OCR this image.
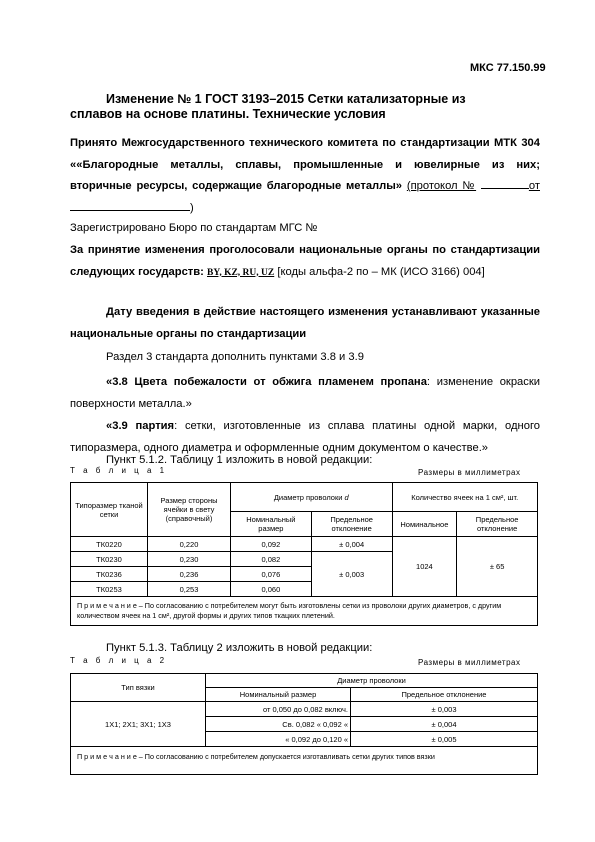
МКС 77.150.99
Изменение № 1 ГОСТ 3193–2015 Сетки катализаторные из сплавов на основе платины. Технические условия
Принято Межгосударственного технического комитета по стандартизации МТК 304 ««Благородные металлы, сплавы, промышленные и ювелирные из них; вторичные ресурсы, содержащие благородные металлы» (протокол №	от)
Зарегистрировано Бюро по стандартам МГС №
За принятие изменения проголосовали национальные органы по стандартизации следующих государств: BY, KZ, RU, UZ [коды альфа-2 по – МК (ИСО 3166) 004]
Дату введения в действие настоящего изменения устанавливают указанные национальные органы по стандартизации
Раздел 3 стандарта дополнить пунктами 3.8 и 3.9
«3.8 Цвета побежалости от обжига пламенем пропана: изменение окраски поверхности металла.»
«3.9 партия: сетки, изготовленные из сплава платины одной марки, одного типоразмера, одного диаметра и оформленные одним документом о качестве.»
Пункт 5.1.2. Таблицу 1 изложить в новой редакции:
Т а б л и ц а 1	Размеры в миллиметрах
Типоразмер тканой сетки	Размер стороны ячейки в свету (справочный)	Диаметр проволоки d		Количество ячеек на 1 см², шт.	
		Номинальный размер	Предельное отклонение	Номинальное	Предельное отклонение
ТК0220	0,220	0,092	± 0,004	1024	± 65
ТК0230	0,230	0,082	± 0,003		
ТК0236	0,236	0,076			
ТК0253	0,253	0,060			
П р и м е ч а н и е – По согласованию с потребителем могут быть изготовлены сетки из проволоки других диаметров, с другим количеством ячеек на 1 см², другой формы и других типов ткацких плетений.					
Пункт 5.1.3. Таблицу 2 изложить в новой редакции:
Т а б л и ц а 2	Размеры в миллиметрах
Тип вязки	Диаметр проволоки	
	Номинальный размер	Предельное отклонение
1Х1; 2Х1; 3Х1; 1Х3	от 0,050 до 0,082 включ.	± 0,003
	Св. 0,082 « 0,092 «	± 0,004
	« 0,092 до 0,120 «	± 0,005
П р и м е ч а н и е – По согласованию с потребителем допускается изготавливать сетки других типов вязки		
